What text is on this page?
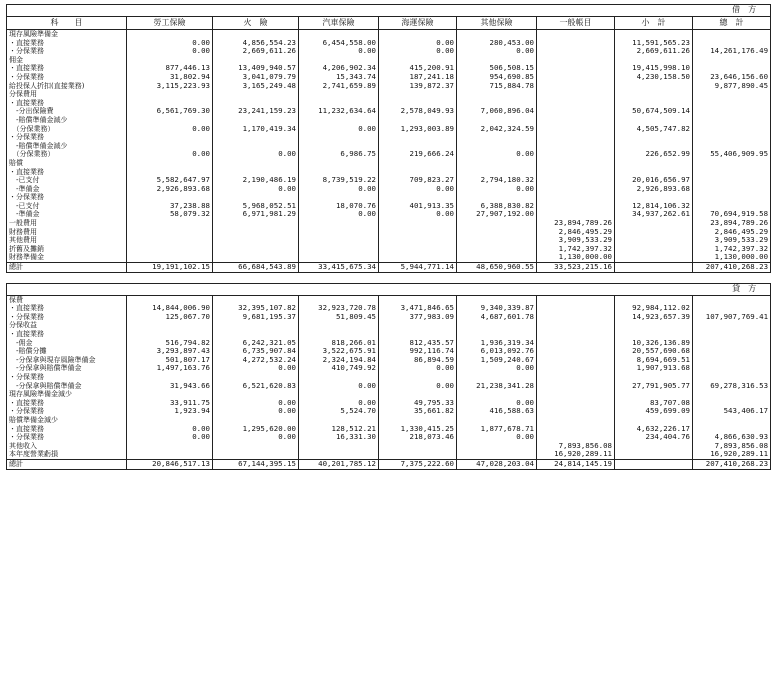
借　方								
科　　目	勞工保險	火　險	汽車保險	海運保險	其他保險	一般帳目	小　計	總　計
現存風險準備金								
・直接業務	0.00	4,856,554.23	6,454,558.00	0.00	280,453.00		11,591,565.23	
・分保業務	0.00	2,669,611.26	0.00	0.00	0.00		2,669,611.26	14,261,176.49
佣金								
・直接業務	877,446.13	13,409,940.57	4,206,902.34	415,200.91	506,508.15		19,415,998.10	
・分保業務	31,802.94	3,041,079.79	15,343.74	187,241.18	954,690.85		4,230,158.50	23,646,156.60
給投保人折扣(直接業務)	3,115,223.93	3,165,249.48	2,741,659.89	139,872.37	715,884.78			9,877,890.45
分保費用								
・直接業務								
　-分出保險費	6,561,769.30	23,241,159.23	11,232,634.64	2,578,049.93	7,060,896.04		50,674,509.14	
　-賠償準備金減少								
　（分保業務）	0.00	1,170,419.34	0.00	1,293,003.89	2,042,324.59		4,505,747.82	
・分保業務								
　-賠償準備金減少								
　（分保業務）	0.00	0.00	6,986.75	219,666.24	0.00		226,652.99	55,406,909.95
賠償								
・直接業務								
　-已支付	5,582,647.97	2,190,486.19	8,739,519.22	709,823.27	2,794,180.32		20,016,656.97	
　-準備金	2,926,893.68	0.00	0.00	0.00	0.00		2,926,893.68	
・分保業務								
　-已支付	37,238.88	5,968,052.51	18,070.76	401,913.35	6,388,830.82		12,814,106.32	
　-準備金	58,079.32	6,971,981.29	0.00	0.00	27,907,192.00		34,937,262.61	70,694,919.58
一般費用						23,894,789.26		23,894,789.26
財務費用						2,846,495.29		2,846,495.29
其他費用						3,909,533.29		3,909,533.29
折舊及攤銷						1,742,397.32		1,742,397.32
財務準備金						1,130,000.00		1,130,000.00
總計	19,191,102.15	66,684,543.89	33,415,675.34	5,944,771.14	48,650,960.55	33,523,215.16		207,410,268.23
貸　方								
保費								
・直接業務	14,844,006.90	32,395,107.82	32,923,720.78	3,471,846.65	9,340,339.87		92,984,112.02	
・分保業務	125,067.70	9,681,195.37	51,809.45	377,983.09	4,687,601.78		14,923,657.39	107,907,769.41
分保收益								
・直接業務								
　-佣金	516,794.82	6,242,321.05	818,266.01	812,435.57	1,936,319.34		10,326,136.89	
　-賠償分攤	3,293,897.43	6,735,907.84	3,522,675.91	992,116.74	6,013,092.76		20,557,690.68	
　-分保拿與現存風險準備金	501,807.17	4,272,532.24	2,324,194.84	86,894.59	1,509,240.67		8,694,669.51	
　-分保拿與賠償準備金	1,497,163.76	0.00	410,749.92	0.00	0.00		1,907,913.68	
・分保業務								
　-分保拿與賠償準備金	31,943.66	6,521,620.83	0.00	0.00	21,238,341.28		27,791,905.77	69,278,316.53
現存風險準備金減少								
・直接業務	33,911.75	0.00	0.00	49,795.33	0.00		83,707.08	
・分保業務	1,923.94	0.00	5,524.70	35,661.82	416,588.63		459,699.09	543,406.17
賠償準備金減少								
・直接業務	0.00	1,295,620.00	128,512.21	1,330,415.25	1,877,678.71		4,632,226.17	
・分保業務	0.00	0.00	16,331.30	218,073.46	0.00		234,404.76	4,866,630.93
其他收入						7,893,856.08		7,893,856.08
本年度營業虧損						16,920,289.11		16,920,289.11
總計	20,846,517.13	67,144,395.15	40,201,785.12	7,375,222.60	47,028,203.04	24,814,145.19		207,410,268.23
